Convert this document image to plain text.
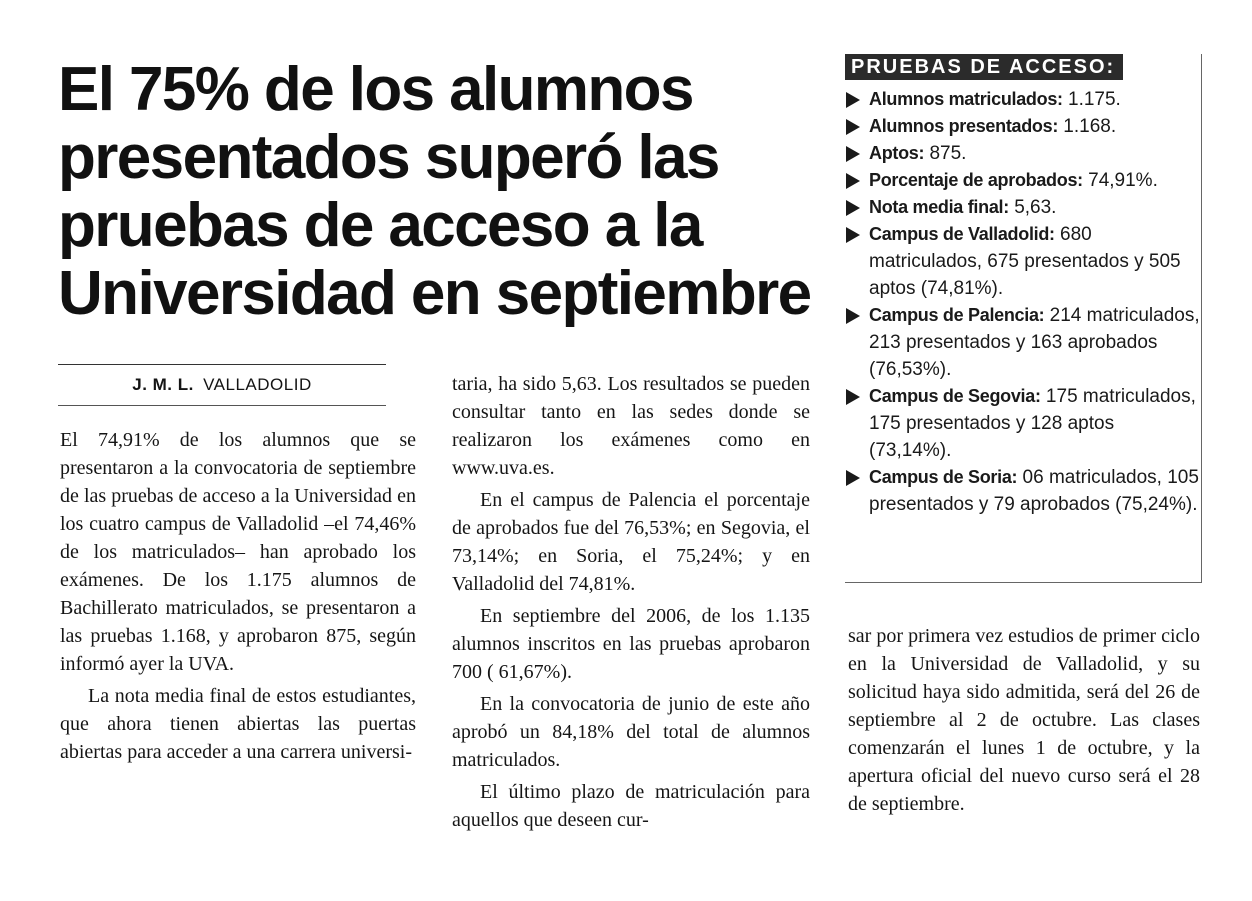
El 75% de los alumnos
presentados superó las
pruebas de acceso a la
Universidad en septiembre
J. M. L. VALLADOLID

El 74,91% de los alumnos que se presentaron a la convocatoria de septiembre de las pruebas de acceso a la Universidad en los cuatro campus de Valladolid –el 74,46% de los matriculados– han aprobado los exámenes. De los 1.175 alumnos de Bachillerato matriculados, se presentaron a las pruebas 1.168, y aprobaron 875, según informó ayer la UVA.

La nota media final de estos estudiantes, que ahora tienen abiertas las puertas abiertas para acceder a una carrera universi-

taria, ha sido 5,63. Los resultados se pueden consultar tanto en las sedes donde se realizaron los exámenes como en www.uva.es.

En el campus de Palencia el porcentaje de aprobados fue del 76,53%; en Segovia, el 73,14%; en Soria, el 75,24%; y en Valladolid del 74,81%.

En septiembre del 2006, de los 1.135 alumnos inscritos en las pruebas aprobaron 700 ( 61,67%).

En la convocatoria de junio de este año aprobó un 84,18% del total de alumnos matriculados.

El último plazo de matriculación para aquellos que deseen cur-

PRUEBAS DE ACCESO:
Alumnos matriculados: 1.175.
Alumnos presentados: 1.168.
Aptos: 875.
Porcentaje de aprobados: 74,91%.
Nota media final: 5,63.
Campus de Valladolid: 680 matriculados, 675 presentados y 505 aptos (74,81%).
Campus de Palencia: 214 matriculados, 213 presentados y 163 aprobados (76,53%).
Campus de Segovia: 175 matriculados, 175 presentados y 128 aptos (73,14%).
Campus de Soria: 06 matriculados, 105 presentados y 79 aprobados (75,24%).

sar por primera vez estudios de primer ciclo en la Universidad de Valladolid, y su solicitud haya sido admitida, será del 26 de septiembre al 2 de octubre. Las clases comenzarán el lunes 1 de octubre, y la apertura oficial del nuevo curso será el 28 de septiembre.
